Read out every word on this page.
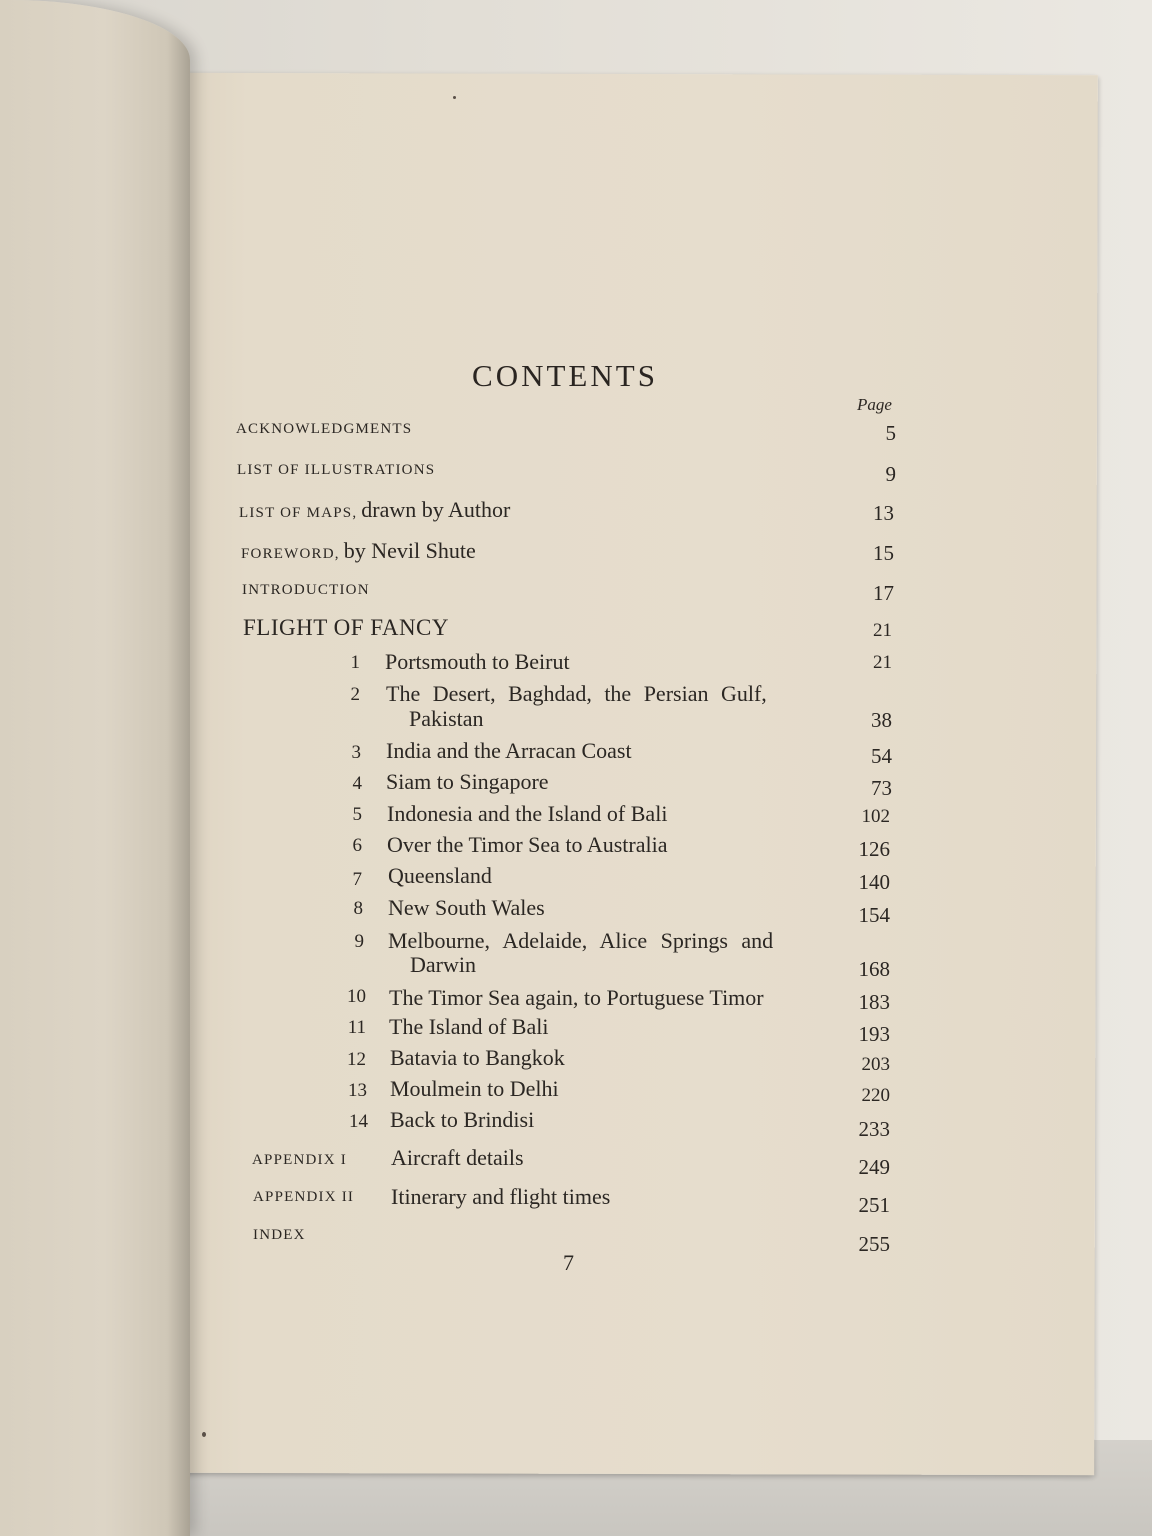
CONTENTS
Page
ACKNOWLEDGMENTS	5
LIST OF ILLUSTRATIONS	9
LIST OF MAPS, drawn by Author	13
FOREWORD, by Nevil Shute	15
INTRODUCTION	17
FLIGHT OF FANCY	21
1 Portsmouth to Beirut	21
2 The Desert, Baghdad, the Persian Gulf,
Pakistan	38
3 India and the Arracan Coast	54
4 Siam to Singapore	73
5 Indonesia and the Island of Bali	102
6 Over the Timor Sea to Australia	126
7 Queensland	140
8 New South Wales	154
9 Melbourne, Adelaide, Alice Springs and
Darwin	168
10 The Timor Sea again, to Portuguese Timor	183
11 The Island of Bali	193
12 Batavia to Bangkok	203
13 Moulmein to Delhi	220
14 Back to Brindisi	233
APPENDIX I Aircraft details	249
APPENDIX II Itinerary and flight times	251
INDEX	255
7
